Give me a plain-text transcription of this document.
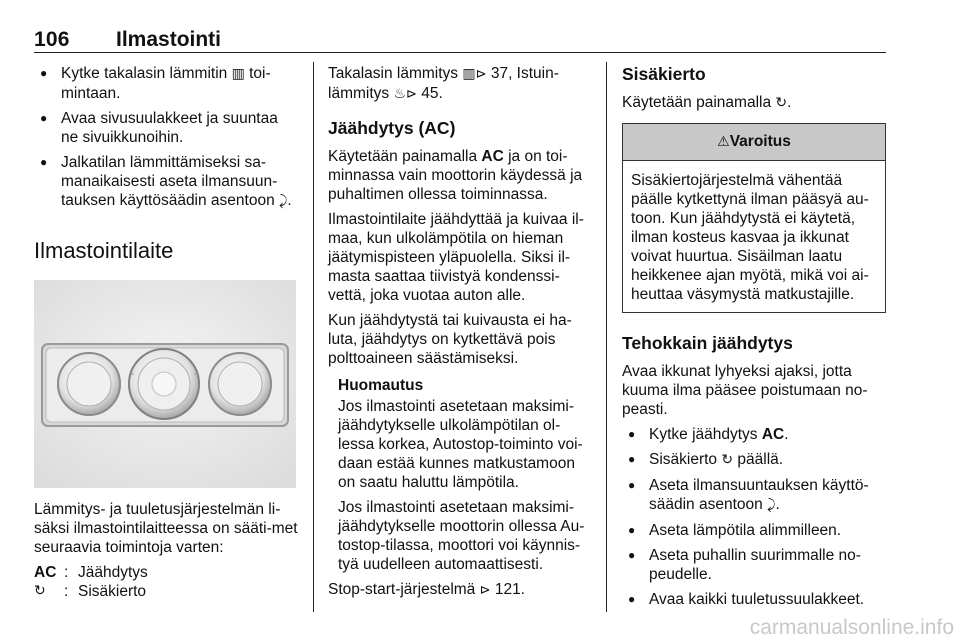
106 Ilmastointi
● Kytke takalasin lämmitin ▥ toi-mintaan.
● Avaa sivusuulakkeet ja suuntaa ne sivuikkunoihin.
● Jalkatilan lämmittämiseksi sa-manaikaisesti aseta ilmansuun-tauksen käyttösäädin asentoon ⤸.
Ilmastointilaite

Lämmitys- ja tuuletusjärjestelmän li-säksi ilmastointilaitteessa on sääti-met seuraavia toimintoja varten:

AC : Jäähdytys
↻	: Sisäkierto

Takalasin lämmitys ▥⊳ 37, Istuin-lämmitys ♨⊳ 45.

Jäähdytys (AC)

Käytetään painamalla AC ja on toi-minnassa vain moottorin käydessä ja puhaltimen ollessa toiminnassa.

Ilmastointilaite jäähdyttää ja kuivaa il-maa, kun ulkolämpötila on hieman jäätymispisteen yläpuolella. Siksi il-masta saattaa tiivistyä kondenssi-vettä, joka vuotaa auton alle.

Kun jäähdytystä tai kuivausta ei ha-luta, jäähdytys on kytkettävä pois polttoaineen säästämiseksi.

Huomautus

Jos ilmastointi asetetaan maksimi-jäähdytykselle ulkolämpötilan ol-lessa korkea, Autostop-toiminto voi-daan estää kunnes matkustamoon on saatu haluttu lämpötila.

Jos ilmastointi asetetaan maksimi-jäähdytykselle moottorin ollessa Au-tostop-tilassa, moottori voi käynnis-tyä uudelleen automaattisesti.

Stop-start-järjestelmä ⊳ 121.

Sisäkierto

Käytetään painamalla ↻.

⚠Varoitus
Sisäkiertojärjestelmä vähentää päälle kytkettynä ilman pääsyä au-toon. Kun jäähdytystä ei käytetä, ilman kosteus kasvaa ja ikkunat voivat huurtua. Sisäilman laatu heikkenee ajan myötä, mikä voi ai-heuttaa väsymystä matkustajille.
Tehokkain jäähdytys

Avaa ikkunat lyhyeksi ajaksi, jotta kuuma ilma pääsee poistumaan no-peasti.

● Kytke jäähdytys AC.
● Sisäkierto ↻ päällä.
● Aseta ilmansuuntauksen käyttö-säädin asentoon ⤸.
● Aseta lämpötila alimmilleen.
● Aseta puhallin suurimmalle no-peudelle.
● Avaa kaikki tuuletussuulakkeet.
carmanualsonline.info
